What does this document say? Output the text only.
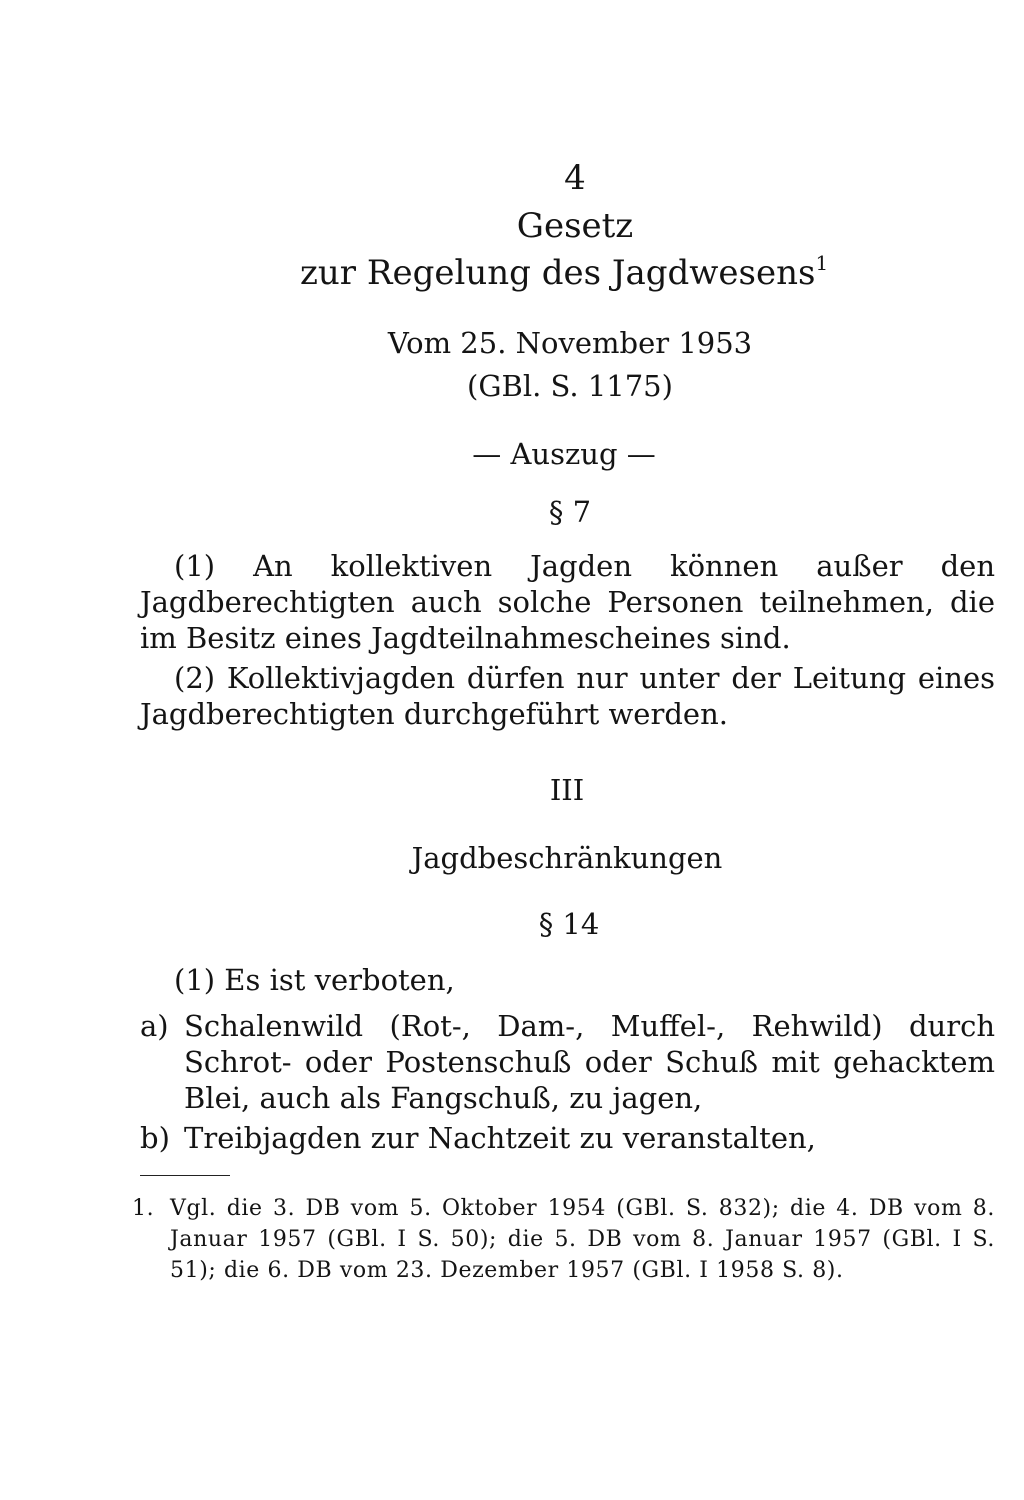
4
Gesetz
zur Regelung des Jagdwesens$^1$
Vom 25. November 1953
(GBl. S. 1175)
— Auszug —
§ 7

(1) An kollektiven Jagden können außer den Jagdberechtigten auch solche Personen teilnehmen, die im Besitz eines Jagdteilnahmescheines sind.

(2) Kollektivjagden dürfen nur unter der Leitung eines Jagdberechtigten durchgeführt werden.

III
Jagdbeschränkungen
§ 14
(1) Es ist verboten,
a) Schalenwild (Rot-, Dam-, Muffel-, Rehwild) durch Schrot- oder Postenschuß oder Schuß mit gehacktem Blei, auch als Fangschuß, zu jagen,
b) Treibjagden zur Nachtzeit zu veranstalten,
1. Vgl. die 3. DB vom 5. Oktober 1954 (GBl. S. 832); die 4. DB vom 8. Januar 1957 (GBl. I S. 50); die 5. DB vom 8. Januar 1957 (GBl. I S. 51); die 6. DB vom 23. Dezember 1957 (GBl. I 1958 S. 8).
